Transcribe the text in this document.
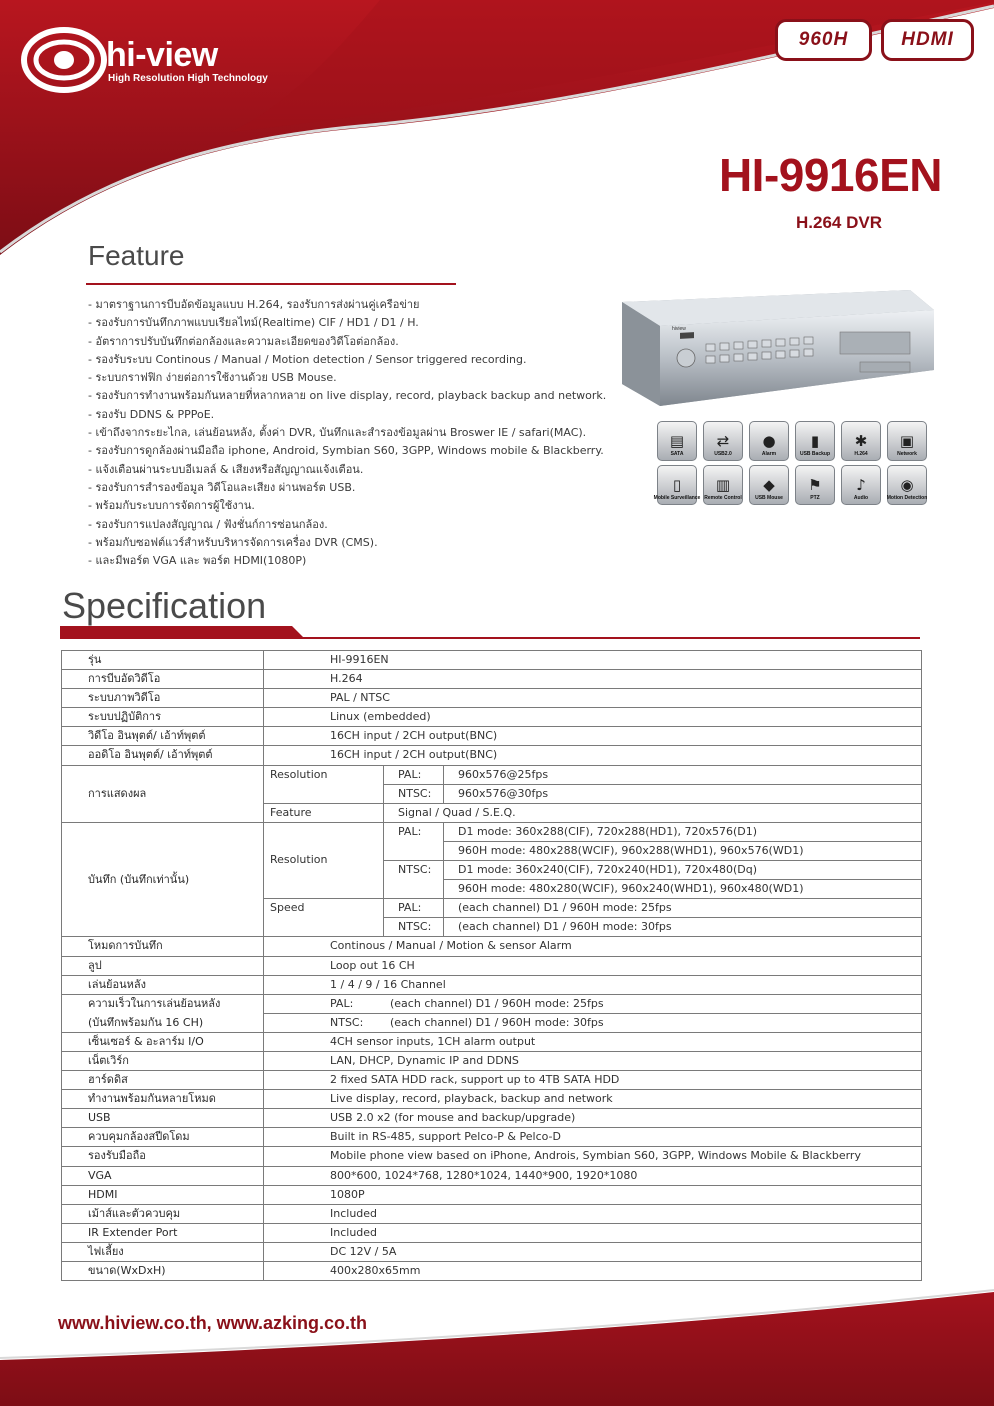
hi-view
High Resolution High Technology
960H	HDMI
HI-9916EN
H.264 DVR
Feature
- มาตราฐานการบีบอัดข้อมูลแบบ H.264, รองรับการส่งผ่านคู่เครือข่าย
- รองรับการบันทึกภาพแบบเรียลไทม์(Realtime) CIF / HD1 / D1 / H.
- อัตราการปรับบันทึกต่อกล้องและความละเอียดของวิดีโอต่อกล้อง.
- รองรับระบบ Continous / Manual / Motion detection / Sensor triggered recording.
- ระบบกราฟฟิก ง่ายต่อการใช้งานด้วย USB Mouse.
- รองรับการทำงานพร้อมกันหลายที่หลากหลาย on live display, record, playback backup and network.
- รองรับ DDNS & PPPoE.
- เข้าถึงจากระยะไกล, เล่นย้อนหลัง, ตั้งค่า DVR, บันทึกและสำรองข้อมูลผ่าน Broswer IE / safari(MAC).
- รองรับการดูกล้องผ่านมือถือ iphone, Android, Symbian S60, 3GPP, Windows mobile & Blackberry.
- แจ้งเตือนผ่านระบบอีเมลล์ & เสียงหรือสัญญาณแจ้งเตือน.
- รองรับการสำรองข้อมูล วิดีโอและเสียง ผ่านพอร์ต USB.
- พร้อมกับระบบการจัดการผู้ใช้งาน.
- รองรับการแปลงสัญญาณ / ฟังชั่นก์การซ่อนกล้อง.
- พร้อมกับซอฟต์แวร์สำหรับบริหารจัดการเครื่อง DVR (CMS).
- และมีพอร์ต VGA และ พอร์ต HDMI(1080P)
hiview
▤
SATA
⇄
USB2.0
●
Alarm
▮
USB Backup
✱
H.264
▣
Network
▯
Mobile Surveillance
▥
Remote Control
◆
USB Mouse
⚑
PTZ
♪
Audio
◉
Motion Detection
Specification
รุ่น	HI-9916EN		
การบีบอัดวิดีโอ	H.264		
ระบบภาพวิดีโอ	PAL / NTSC		
ระบบปฏิบัติการ	Linux (embedded)		
วิดีโอ อินพุตต์/ เอ้าท์พุตต์	16CH input / 2CH output(BNC)		
ออดิโอ อินพุตต์/ เอ้าท์พุตต์	16CH input / 2CH output(BNC)		
การแสดงผล	Resolution	PAL:	960x576@25fps
		NTSC:	960x576@30fps
	Feature	Signal / Quad / S.E.Q.	
บันทึก (บันทึกเท่านั้น)	Resolution	PAL:	D1 mode: 360x288(CIF), 720x288(HD1), 720x576(D1)
			960H mode: 480x288(WCIF), 960x288(WHD1), 960x576(WD1)
		NTSC:	D1 mode: 360x240(CIF), 720x240(HD1), 720x480(Dq)
			960H mode: 480x280(WCIF), 960x240(WHD1), 960x480(WD1)
	Speed	PAL:	(each channel) D1 / 960H mode: 25fps
		NTSC:	(each channel) D1 / 960H mode: 30fps
โหมดการบันทึก	Continous / Manual / Motion & sensor Alarm		
ลูป	Loop out 16 CH		
เล่นย้อนหลัง	1 / 4 / 9 / 16 Channel		
ความเร็วในการเล่นย้อนหลัง	PAL: (each channel) D1 / 960H mode: 25fps		
(บันทึกพร้อมกัน 16 CH)	NTSC: (each channel) D1 / 960H mode: 30fps		
เซ็นเซอร์ & อะลาร์ม I/O	4CH sensor inputs, 1CH alarm output		
เน็ตเวิร์ก	LAN, DHCP, Dynamic IP and DDNS		
ฮาร์ดดิส	2 fixed SATA HDD rack, support up to 4TB SATA HDD		
ทำงานพร้อมกันหลายโหมด	Live display, record, playback, backup and network		
USB	USB 2.0 x2 (for mouse and backup/upgrade)		
ควบคุมกล้องสปีดโดม	Built in RS-485, support Pelco-P & Pelco-D		
รองรับมือถือ	Mobile phone view based on iPhone, Androis, Symbian S60, 3GPP, Windows Mobile & Blackberry		
VGA	800*600, 1024*768, 1280*1024, 1440*900, 1920*1080		
HDMI	1080P		
เม้าส์และตัวควบคุม	Included		
IR Extender Port	Included		
ไฟเลี้ยง	DC 12V / 5A		
ขนาด(WxDxH)	400x280x65mm		
www.hiview.co.th, www.azking.co.th
